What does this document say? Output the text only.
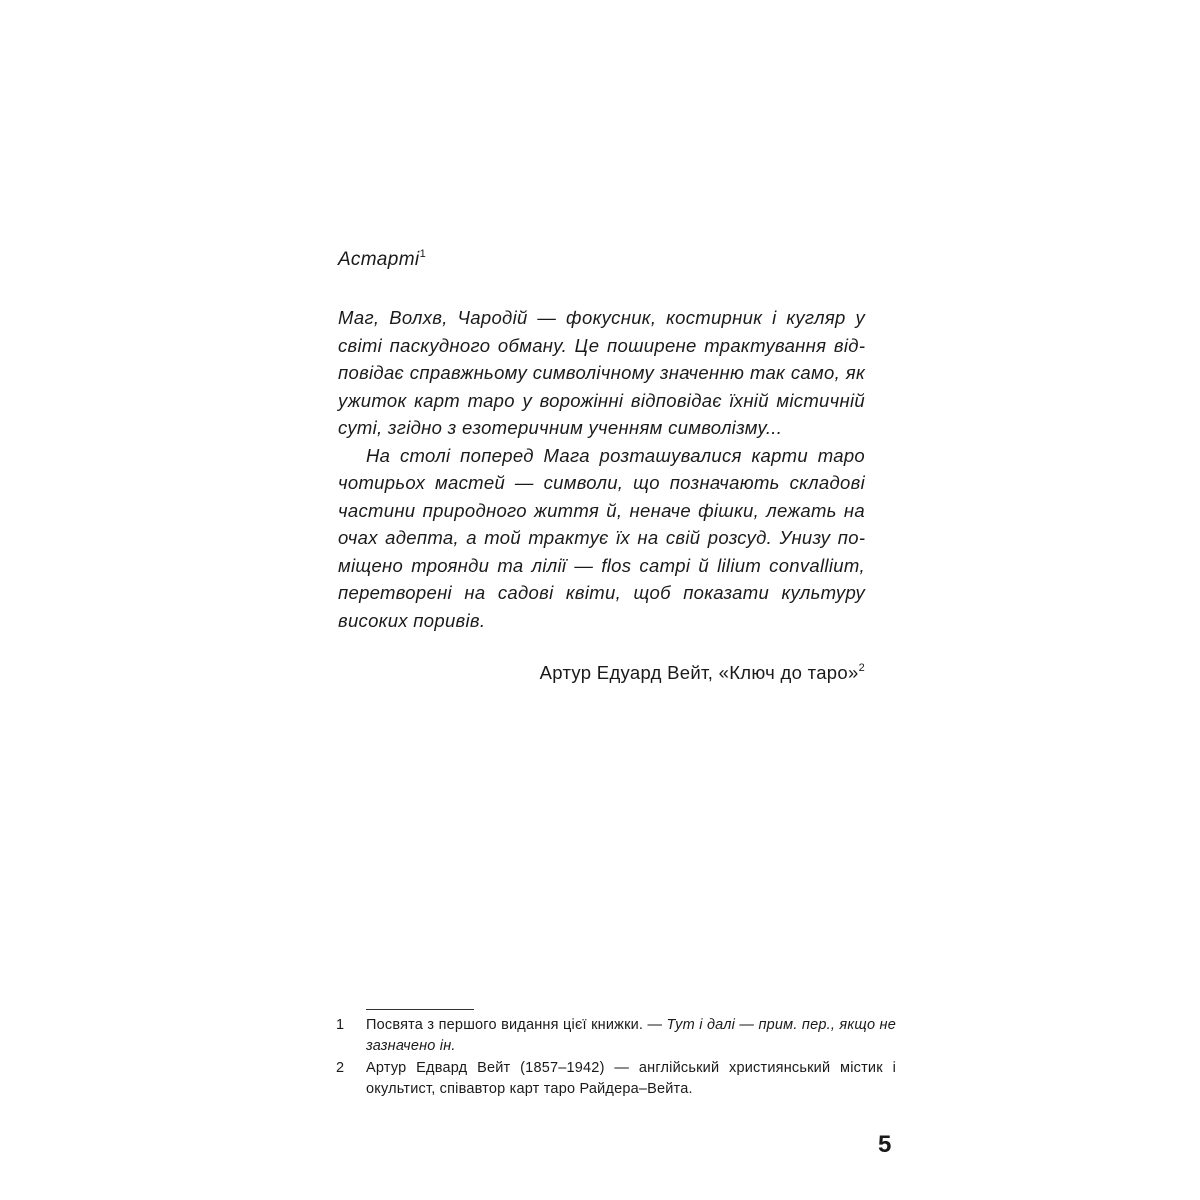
Астарті$^1$

Маг, Волхв, Чародій — фокусник, костирник і кугляр у світі паскудного обману. Це поширене трактування відповідає справжньому символічному значенню так само, як ужиток карт таро у ворожінні відповідає їхній містичній суті, згідно з езотеричним ученням символізму...

На столі поперед Мага розташувалися карти таро чотирьох мастей — символи, що позначають складові частини природного життя й, неначе фішки, лежать на очах адепта, а той трактує їх на свій розсуд. Унизу поміщено троянди та лілії — flos campi й lilium convallium, перетворені на садові квіти, щоб показати культуру високих поривів.

Артур Едуард Вейт, «Ключ до таро»$^2$

1 Посвята з першого видання цієї книжки. — Тут і далі — прим. пер., якщо не зазначено ін.
2 Артур Едвард Вейт (1857–1942) — англійський християнський містик і окультист, співавтор карт таро Райдера–Вейта.

5
